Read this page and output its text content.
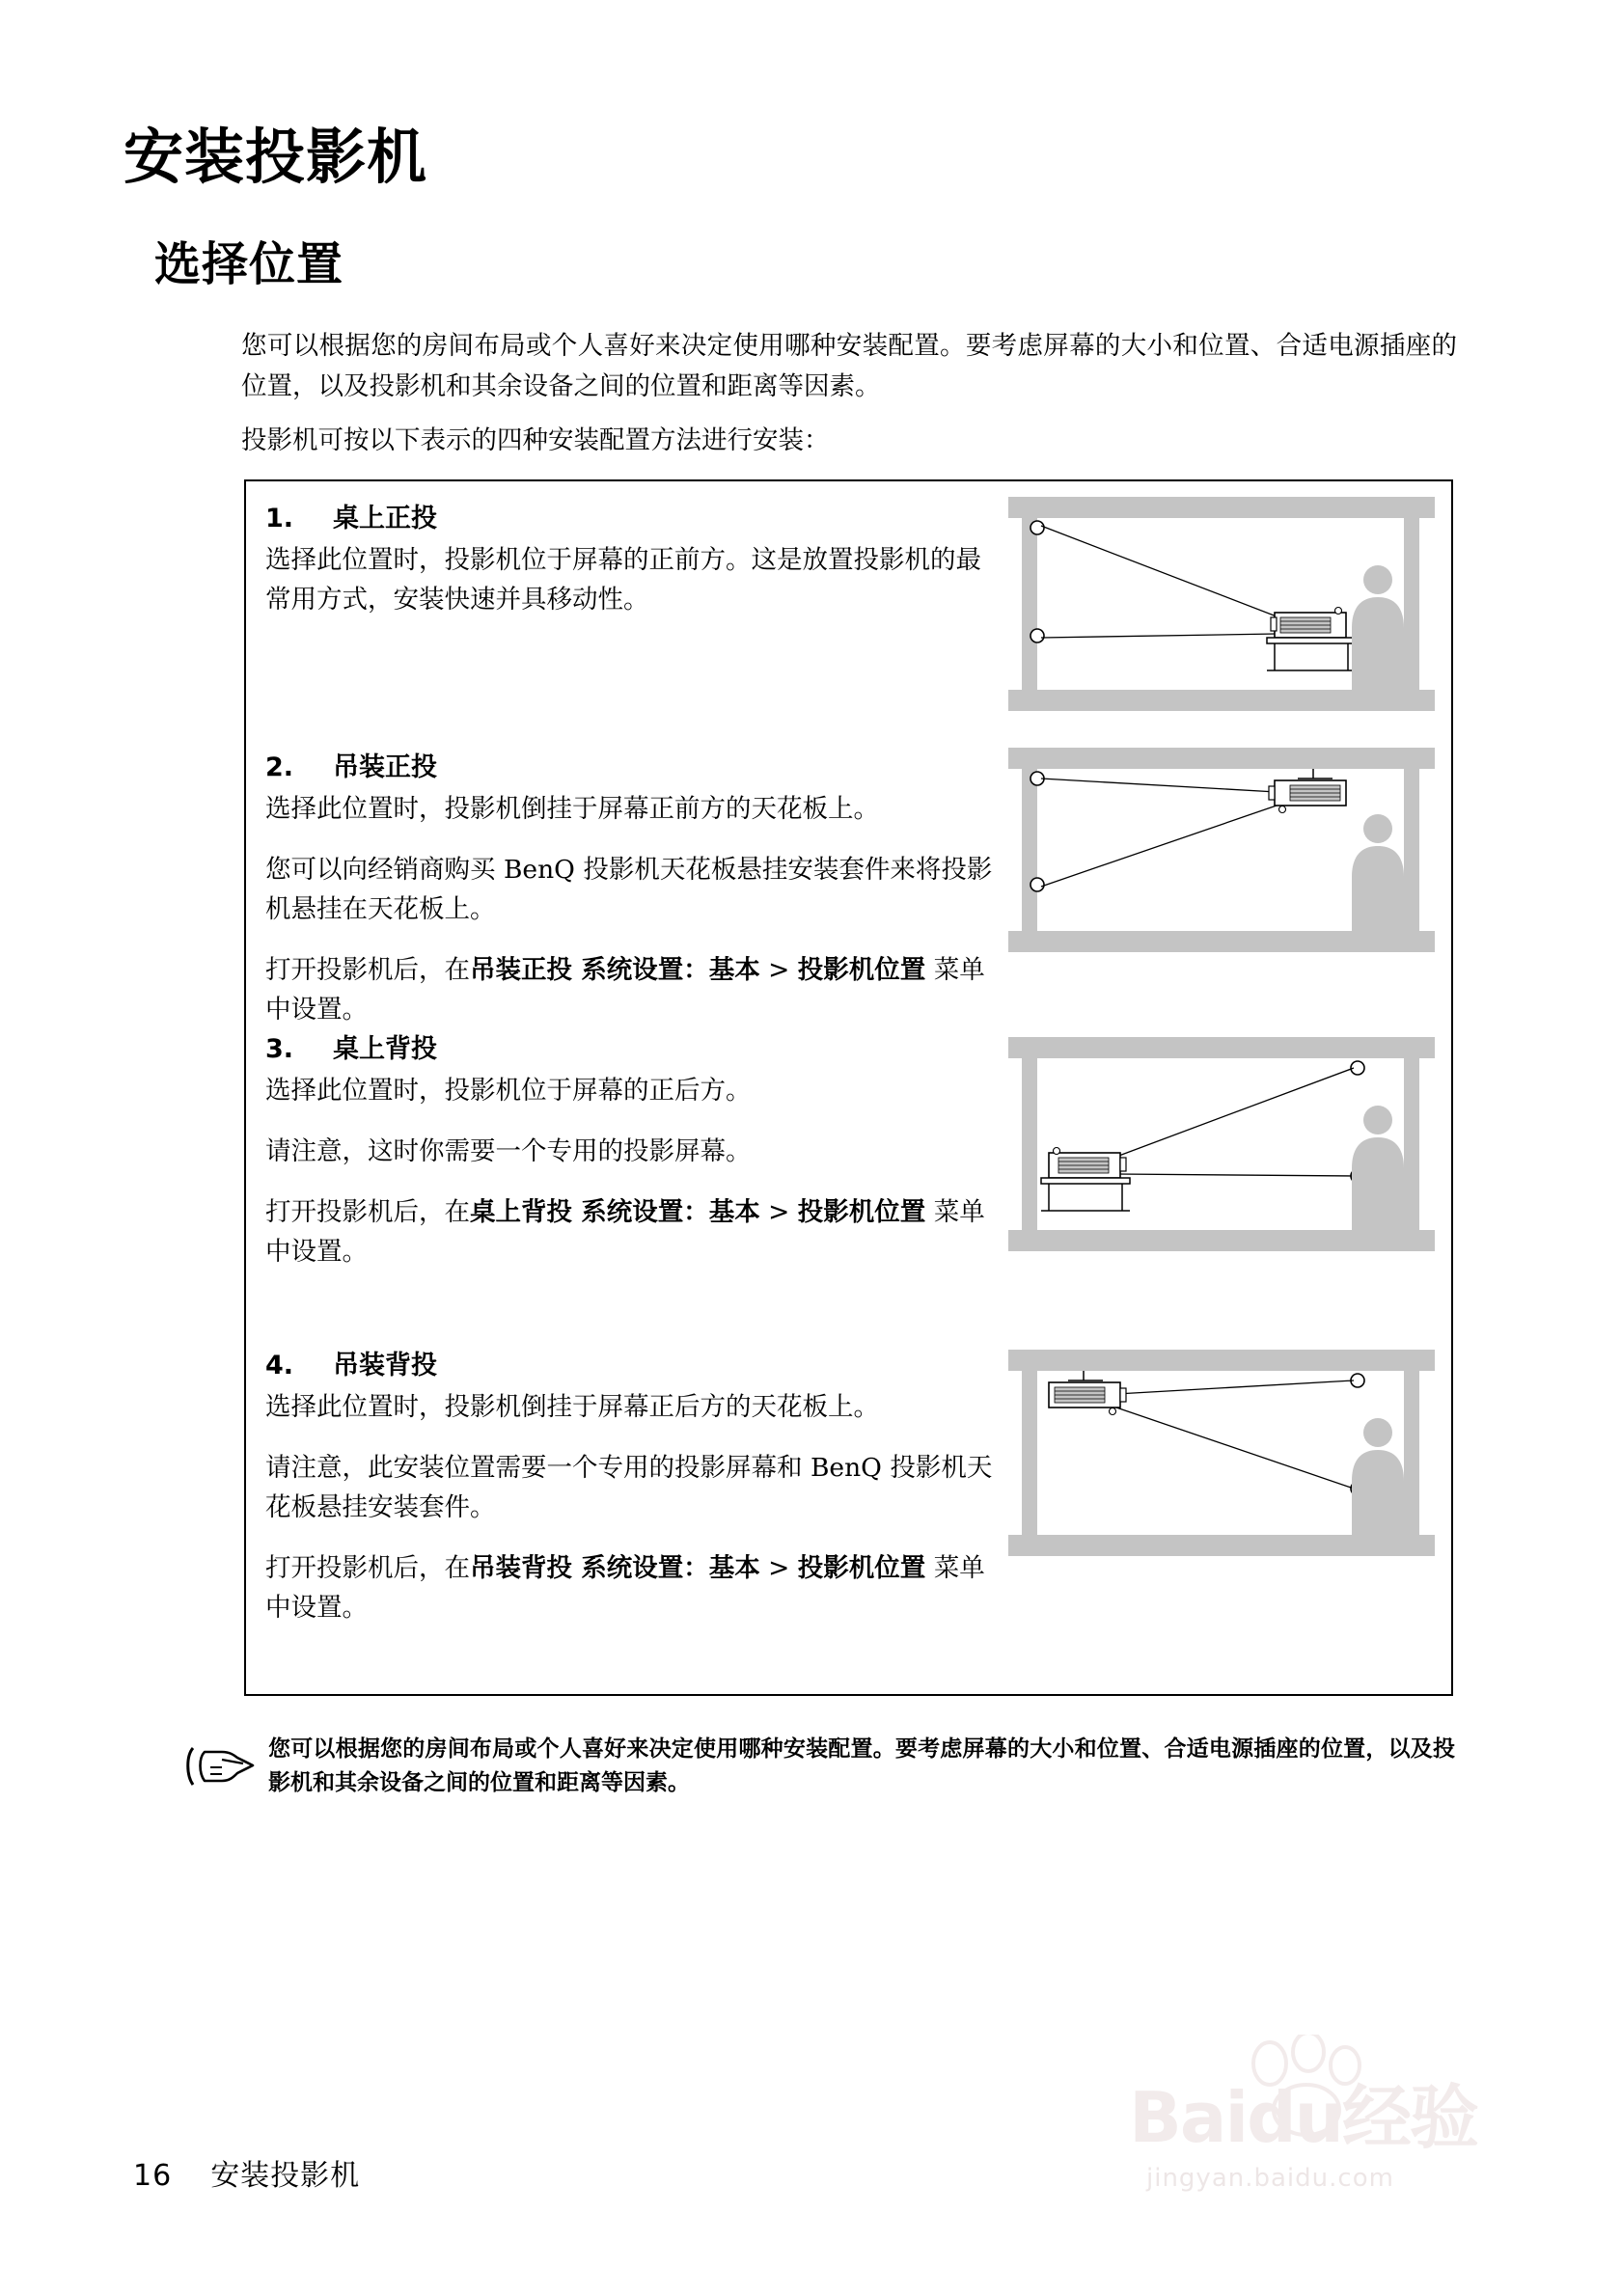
安装投影机
选择位置
您可以根据您的房间布局或个人喜好来决定使用哪种安装配置。要考虑屏幕的大小和位置、合适电源插座的位置，以及投影机和其余设备之间的位置和距离等因素。
投影机可按以下表示的四种安装配置方法进行安装：
1. 桌上正投
选择此位置时，投影机位于屏幕的正前方。这是放置投影机的最常用方式，安装快速并具移动性。
2. 吊装正投
选择此位置时，投影机倒挂于屏幕正前方的天花板上。
您可以向经销商购买 BenQ 投影机天花板悬挂安装套件来将投影机悬挂在天花板上。
打开投影机后，在吊装正投 系统设置：基本 > 投影机位置 菜单中设置。
3. 桌上背投
选择此位置时，投影机位于屏幕的正后方。
请注意，这时你需要一个专用的投影屏幕。
打开投影机后，在桌上背投 系统设置：基本 > 投影机位置 菜单中设置。
4. 吊装背投
选择此位置时，投影机倒挂于屏幕正后方的天花板上。
请注意，此安装位置需要一个专用的投影屏幕和 BenQ 投影机天花板悬挂安装套件。
打开投影机后，在吊装背投 系统设置：基本 > 投影机位置 菜单中设置。
您可以根据您的房间布局或个人喜好来决定使用哪种安装配置。要考虑屏幕的大小和位置、合适电源插座的位置，以及投影机和其余设备之间的位置和距离等因素。
16 安装投影机
Baidu经验
jingyan.baidu.com
